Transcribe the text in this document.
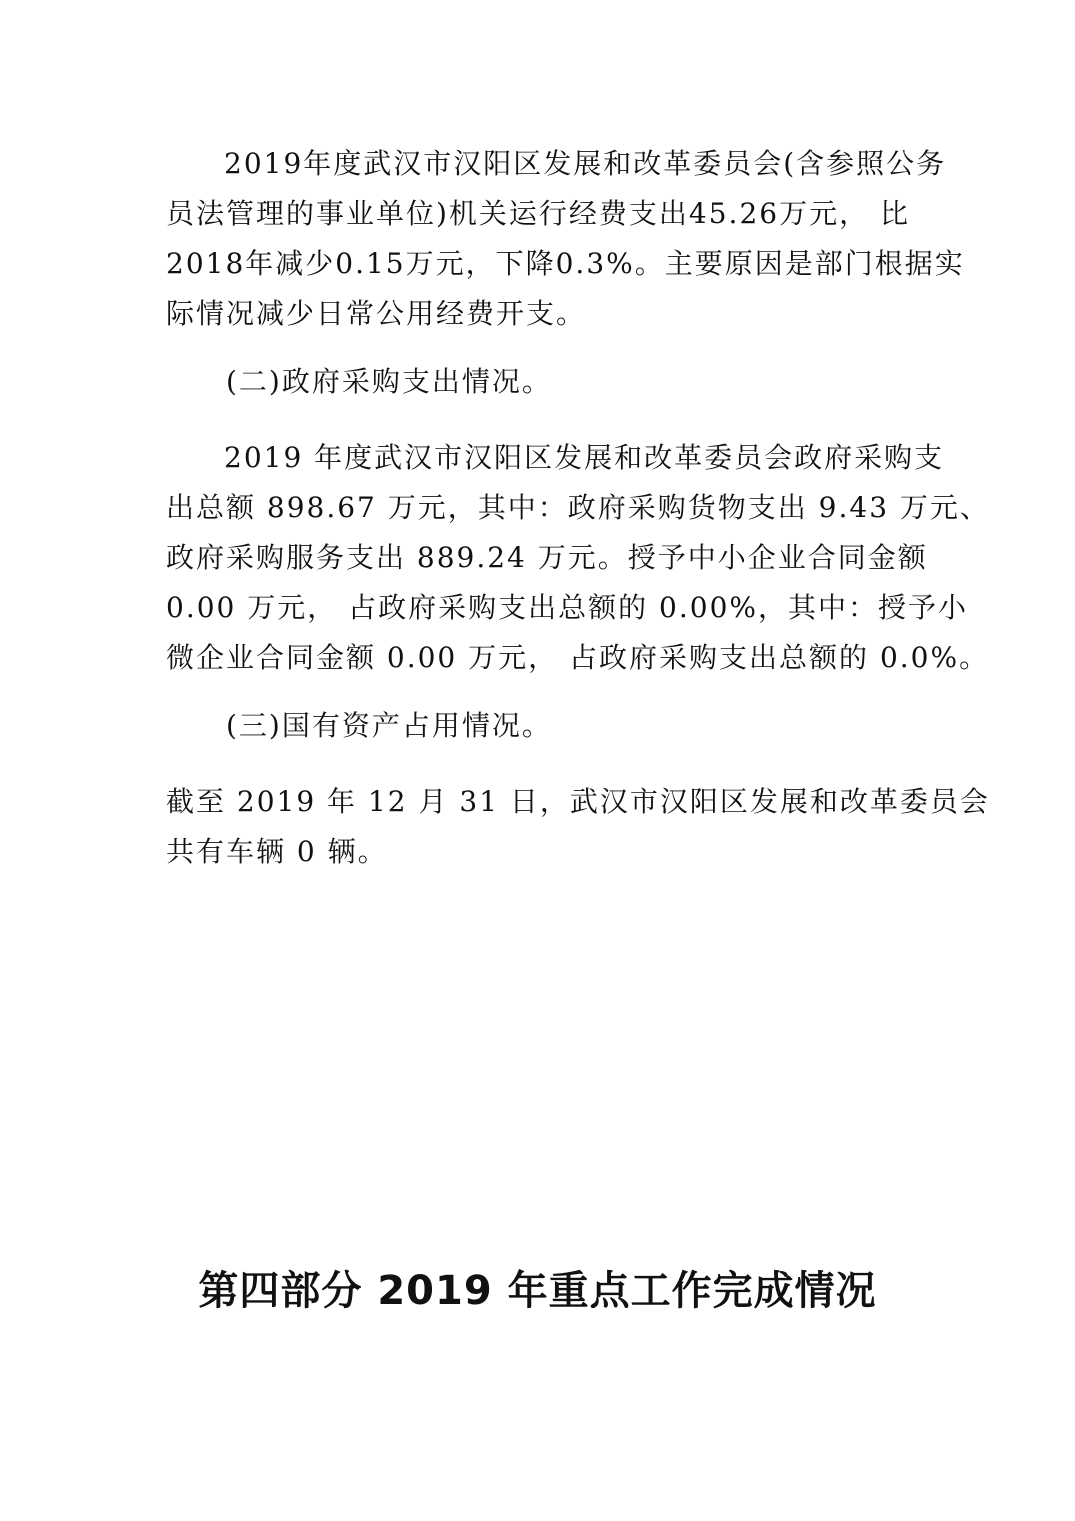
2019年度武汉市汉阳区发展和改革委员会(含参照公务
员法管理的事业单位)机关运行经费支出45.26万元， 比
2018年减少0.15万元，下降0.3%。主要原因是部门根据实
际情况减少日常公用经费开支。
(二)政府采购支出情况。
2019 年度武汉市汉阳区发展和改革委员会政府采购支
出总额 898.67 万元，其中：政府采购货物支出 9.43 万元、
政府采购服务支出 889.24 万元。授予中小企业合同金额
0.00 万元， 占政府采购支出总额的 0.00%，其中：授予小
微企业合同金额 0.00 万元， 占政府采购支出总额的 0.0%。
(三)国有资产占用情况。
截至 2019 年 12 月 31 日，武汉市汉阳区发展和改革委员会
共有车辆 0 辆。
第四部分 2019 年重点工作完成情况
